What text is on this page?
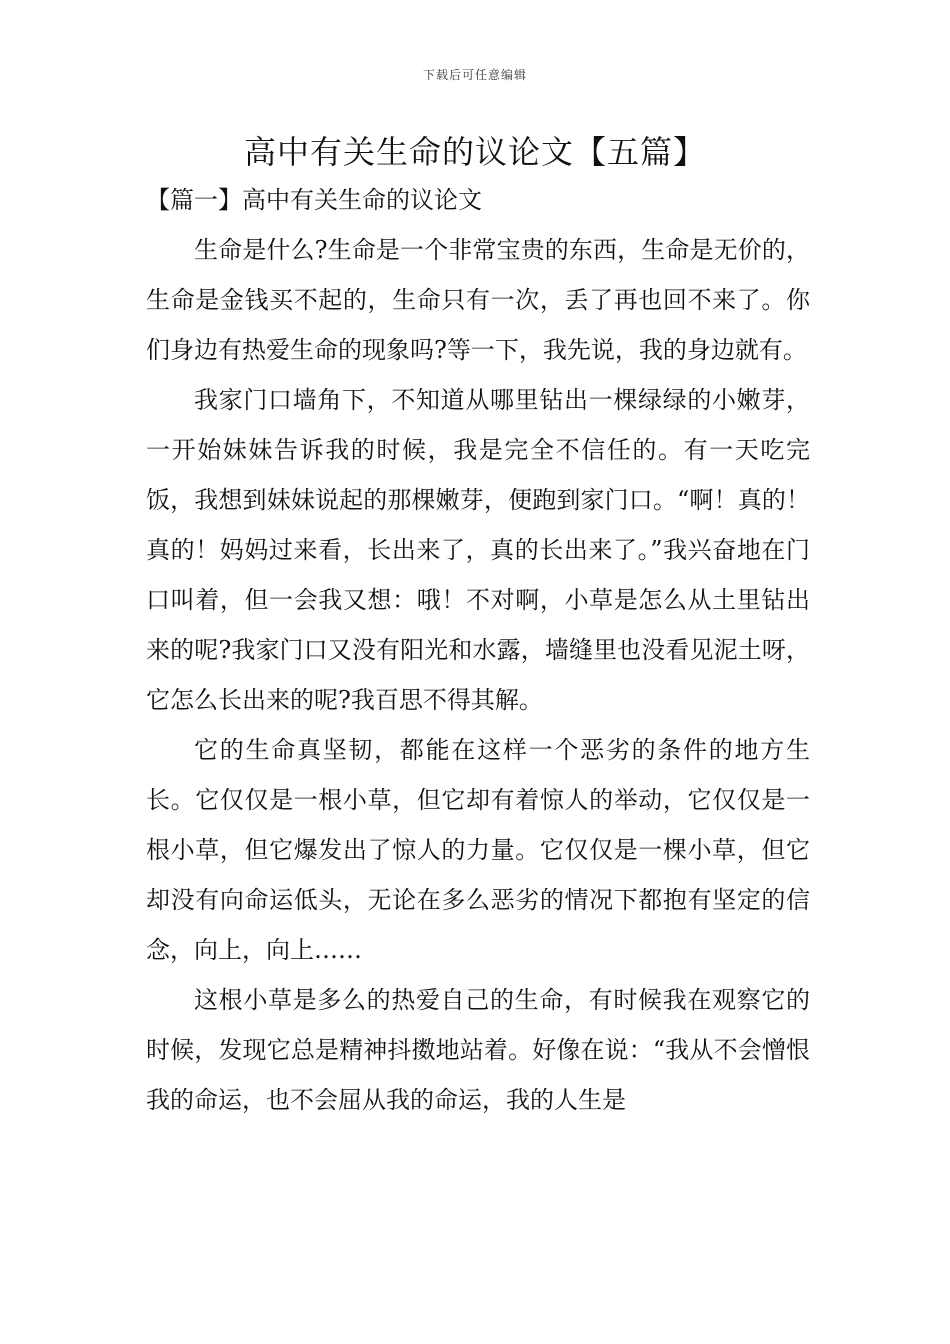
下载后可任意编辑
高中有关生命的议论文【五篇】
【篇一】高中有关生命的议论文

生命是什么?生命是一个非常宝贵的东西，生命是无价的，生命是金钱买不起的，生命只有一次，丢了再也回不来了。你们身边有热爱生命的现象吗?等一下，我先说，我的身边就有。

我家门口墙角下，不知道从哪里钻出一棵绿绿的小嫩芽，一开始妹妹告诉我的时候，我是完全不信任的。有一天吃完饭，我想到妹妹说起的那棵嫩芽，便跑到家门口。“啊！真的！真的！妈妈过来看，长出来了，真的长出来了。”我兴奋地在门口叫着，但一会我又想：哦！不对啊，小草是怎么从土里钻出来的呢?我家门口又没有阳光和水露，墙缝里也没看见泥土呀，它怎么长出来的呢?我百思不得其解。

它的生命真坚韧，都能在这样一个恶劣的条件的地方生长。它仅仅是一根小草，但它却有着惊人的举动，它仅仅是一根小草，但它爆发出了惊人的力量。它仅仅是一棵小草，但它却没有向命运低头，无论在多么恶劣的情况下都抱有坚定的信念，向上，向上……

这根小草是多么的热爱自己的生命，有时候我在观察它的时候，发现它总是精神抖擞地站着。好像在说：“我从不会憎恨我的命运，也不会屈从我的命运，我的人生是
